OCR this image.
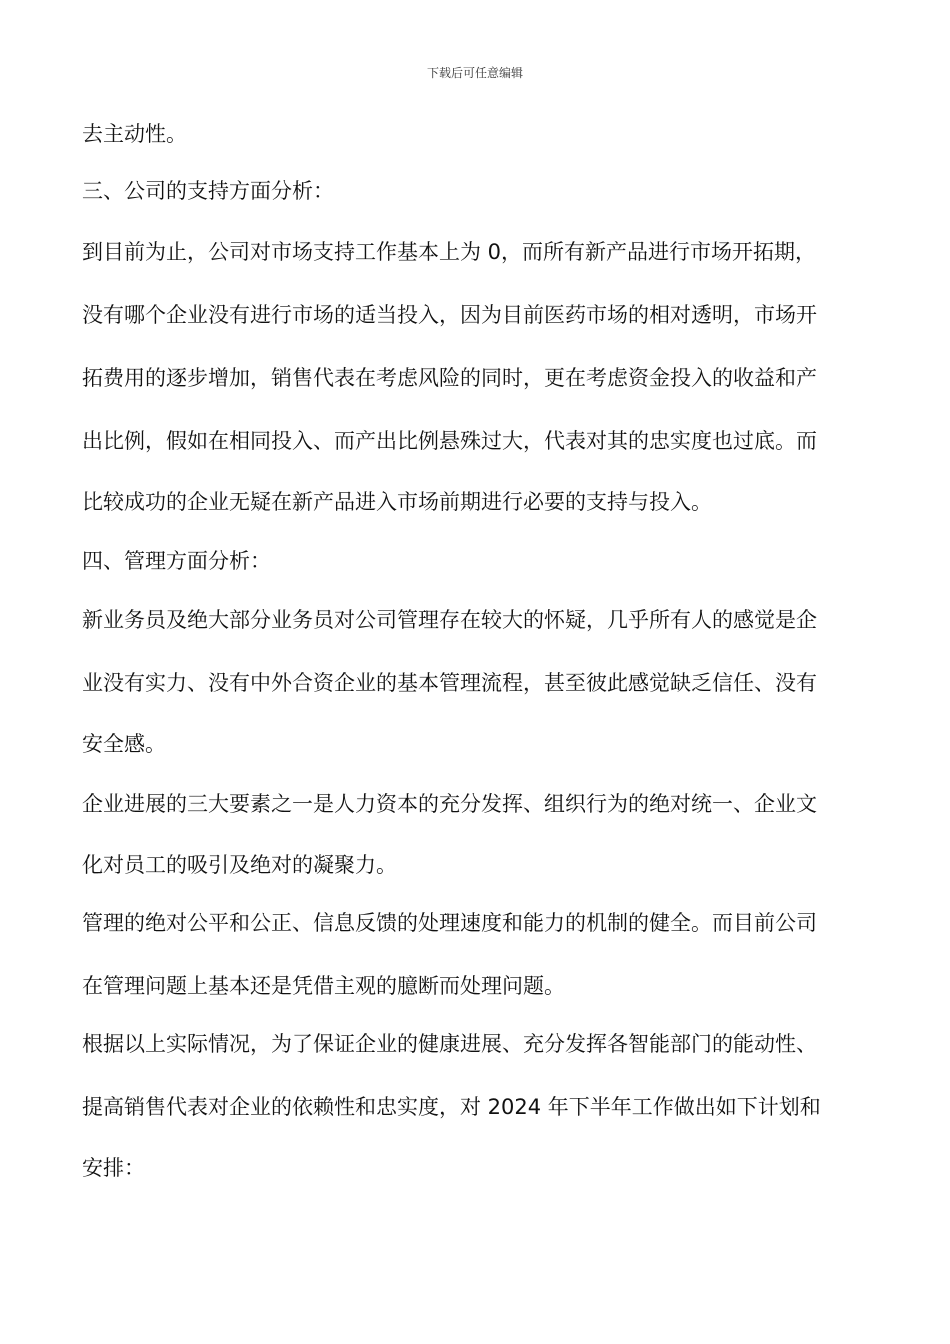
下载后可任意编辑
去主动性。
三、公司的支持方面分析：
到目前为止，公司对市场支持工作基本上为 0，而所有新产品进行市场开拓期，
没有哪个企业没有进行市场的适当投入，因为目前医药市场的相对透明，市场开
拓费用的逐步增加，销售代表在考虑风险的同时，更在考虑资金投入的收益和产
出比例，假如在相同投入、而产出比例悬殊过大，代表对其的忠实度也过底。而
比较成功的企业无疑在新产品进入市场前期进行必要的支持与投入。
四、管理方面分析：
新业务员及绝大部分业务员对公司管理存在较大的怀疑，几乎所有人的感觉是企
业没有实力、没有中外合资企业的基本管理流程，甚至彼此感觉缺乏信任、没有
安全感。
企业进展的三大要素之一是人力资本的充分发挥、组织行为的绝对统一、企业文
化对员工的吸引及绝对的凝聚力。
管理的绝对公平和公正、信息反馈的处理速度和能力的机制的健全。而目前公司
在管理问题上基本还是凭借主观的臆断而处理问题。
根据以上实际情况，为了保证企业的健康进展、充分发挥各智能部门的能动性、
提高销售代表对企业的依赖性和忠实度，对 2024 年下半年工作做出如下计划和
安排：
